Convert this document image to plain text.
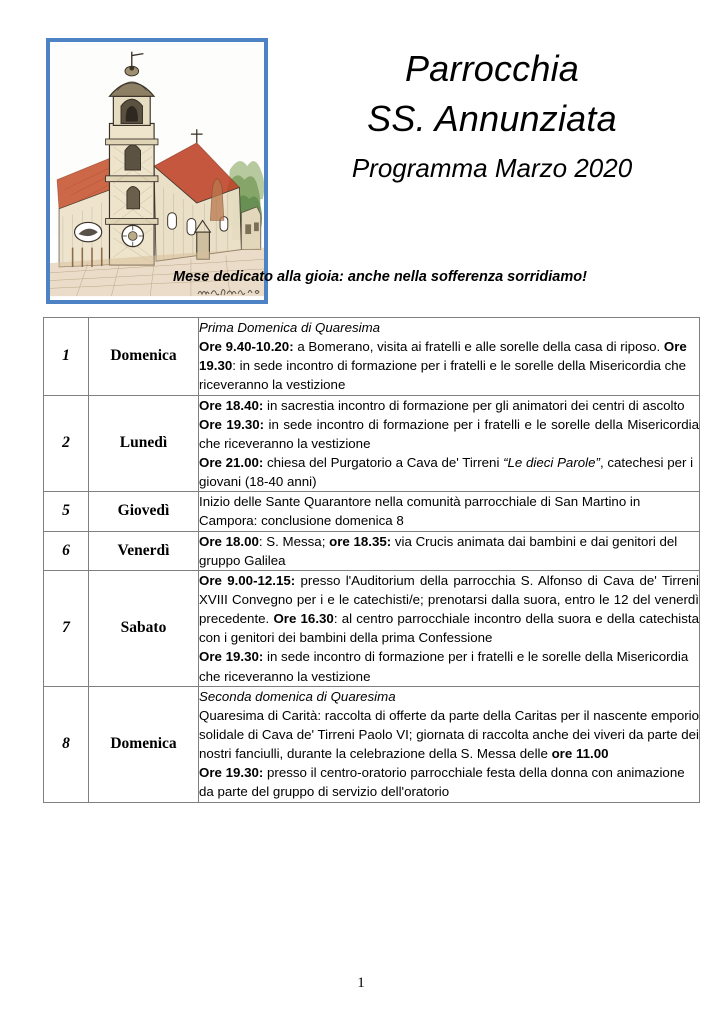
Parrocchia
SS. Annunziata
Programma Marzo 2020
Mese dedicato alla gioia: anche nella sofferenza sorridiamo!
1	Domenica	Prima Domenica di Quaresima

Ore 9.40-10.20: a Bomerano, visita ai fratelli e alle sorelle della casa di riposo. Ore 19.30: in sede incontro di formazione per i fratelli e le sorelle della Misericordia che riceveranno la vestizione

2	Lunedì	Ore 18.40: in sacrestia incontro di formazione per gli animatori dei centri di ascolto

Ore 19.30: in sede incontro di formazione per i fratelli e le sorelle della Misericordia che riceveranno la vestizione

Ore 21.00: chiesa del Purgatorio a Cava de' Tirreni “Le dieci Parole”, catechesi per i giovani (18-40 anni)

5	Giovedì	Inizio delle Sante Quarantore nella comunità parrocchiale di San Martino in Campora: conclusione domenica 8

6	Venerdì	Ore 18.00: S. Messa; ore 18.35: via Crucis animata dai bambini e dai genitori del gruppo Galilea

7	Sabato	Ore 9.00-12.15: presso l'Auditorium della parrocchia S. Alfonso di Cava de' Tirreni XVIII Convegno per i e le catechisti/e; prenotarsi dalla suora, entro le 12 del venerdì precedente. Ore 16.30: al centro parrocchiale incontro della suora e della catechista con i genitori dei bambini della prima Confessione

Ore 19.30: in sede incontro di formazione per i fratelli e le sorelle della Misericordia che riceveranno la vestizione

8	Domenica	Seconda domenica di Quaresima

Quaresima di Carità: raccolta di offerte da parte della Caritas per il nascente emporio solidale di Cava de' Tirreni Paolo VI; giornata di raccolta anche dei viveri da parte dei nostri fanciulli, durante la celebrazione della S. Messa delle ore 11.00

Ore 19.30: presso il centro-oratorio parrocchiale festa della donna con animazione da parte del gruppo di servizio dell'oratorio

1
